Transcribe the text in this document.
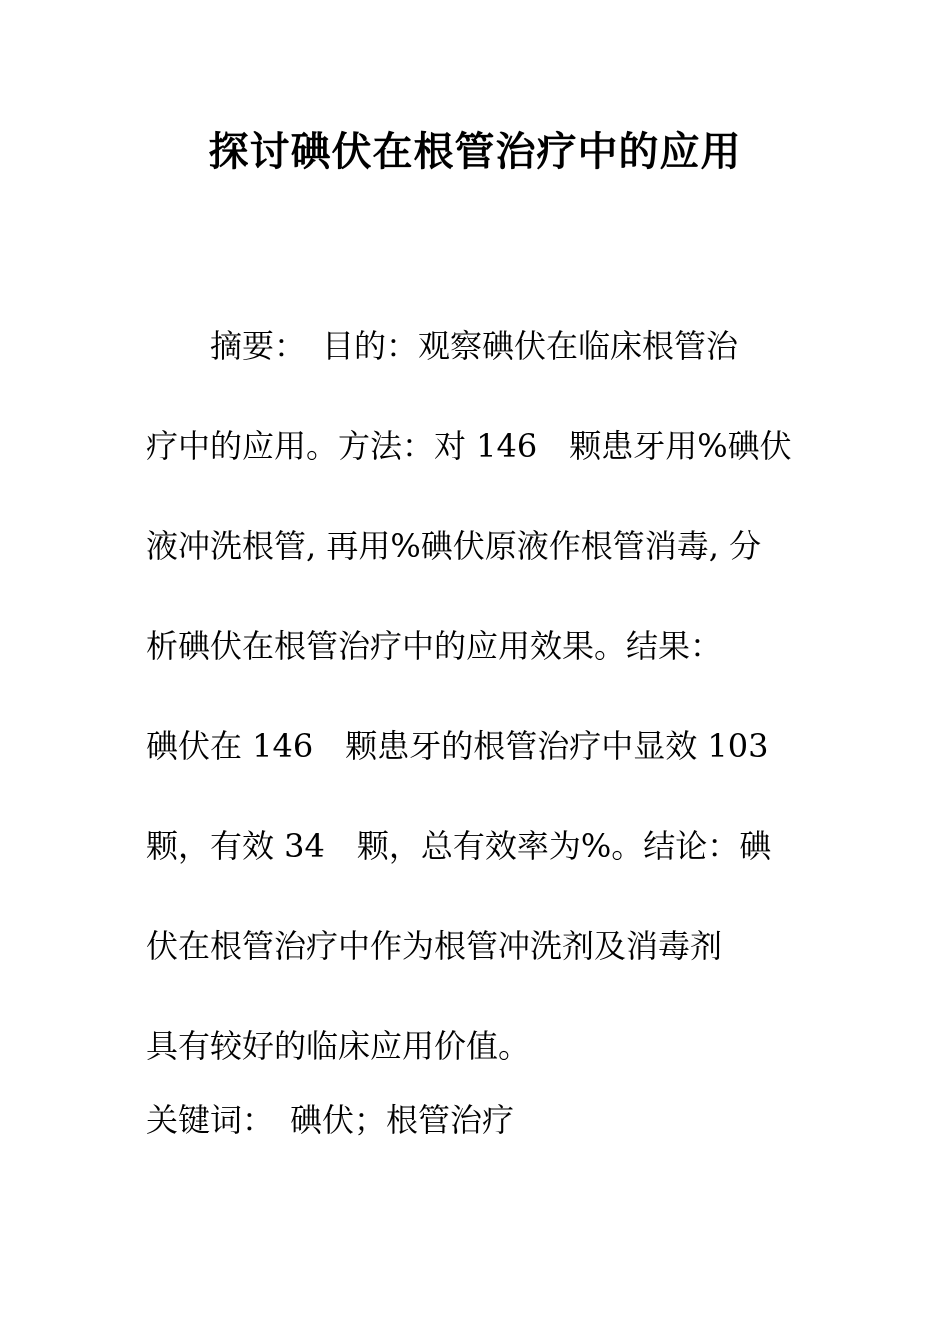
探讨碘伏在根管治疗中的应用
　　摘要：　目的：观察碘伏在临床根管治
疗中的应用。方法：对 146　颗患牙用%碘伏
液冲洗根管, 再用%碘伏原液作根管消毒, 分
析碘伏在根管治疗中的应用效果。结果：
碘伏在 146　颗患牙的根管治疗中显效 103
颗，有效 34　颗，总有效率为%。结论：碘
伏在根管治疗中作为根管冲洗剂及消毒剂
具有较好的临床应用价值。
关键词：　碘伏；根管治疗
